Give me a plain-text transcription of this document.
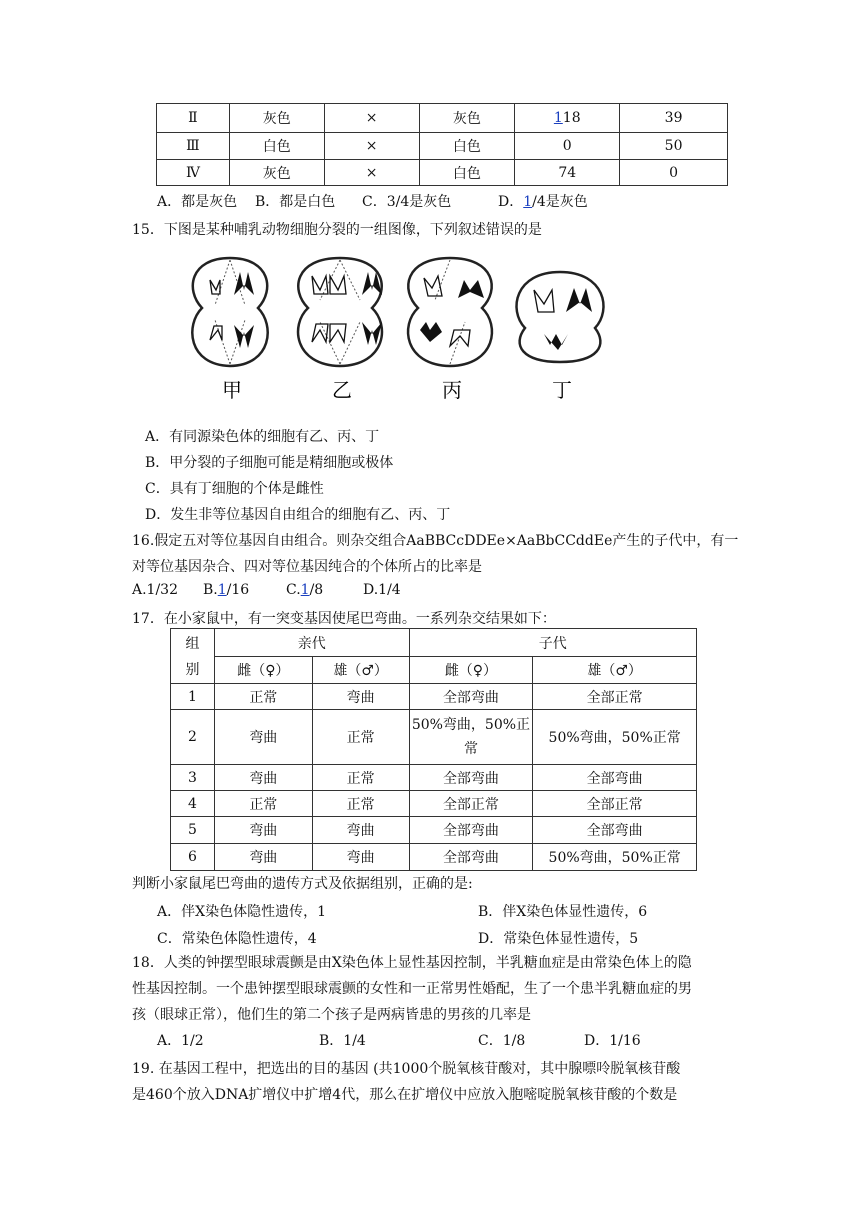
Ⅱ	灰色	×	灰色	118	39
Ⅲ	白色	×	白色	0	50
Ⅳ	灰色	×	白色	74	0
A．都是灰色 B．都是白色 C．3/4是灰色	D．1/4是灰色
15．下图是某种哺乳动物细胞分裂的一组图像，下列叙述错误的是
甲	乙	丙	丁
A．有同源染色体的细胞有乙、丙、丁
B．甲分裂的子细胞可能是精细胞或极体
C．具有丁细胞的个体是雌性
D．发生非等位基因自由组合的细胞有乙、丙、丁
16.假定五对等位基因自由组合。则杂交组合AaBBCcDDEe×AaBbCCddEe产生的子代中，有一
对等位基因杂合、四对等位基因纯合的个体所占的比率是
A.1/32 B.1/16	C.1/8	D.1/4
17．在小家鼠中，有一突变基因使尾巴弯曲。一系列杂交结果如下：
组
别	亲代		子代	
	雌（♀）	雄（♂）	雌（♀）	雄（♂）
1	正常	弯曲	全部弯曲	全部正常
2	弯曲	正常	50%弯曲，50%正
常	50%弯曲，50%正常
3	弯曲	正常	全部弯曲	全部弯曲
4	正常	正常	全部正常	全部正常
5	弯曲	弯曲	全部弯曲	全部弯曲
6	弯曲	弯曲	全部弯曲	50%弯曲，50%正常
判断小家鼠尾巴弯曲的遗传方式及依据组别，正确的是:
A．伴X染色体隐性遗传，1	B．伴X染色体显性遗传，6
C．常染色体隐性遗传，4	D．常染色体显性遗传，5
18．人类的钟摆型眼球震颤是由X染色体上显性基因控制，半乳糖血症是由常染色体上的隐
性基因控制。一个患钟摆型眼球震颤的女性和一正常男性婚配，生了一个患半乳糖血症的男
孩（眼球正常），他们生的第二个孩子是两病皆患的男孩的几率是
A．1/2	B．1/4	C．1/8	D．1/16
19. 在基因工程中，把选出的目的基因 (共1000个脱氧核苷酸对，其中腺嘌呤脱氧核苷酸
是460个放入DNA扩增仪中扩增4代，那么在扩增仪中应放入胞嘧啶脱氧核苷酸的个数是
